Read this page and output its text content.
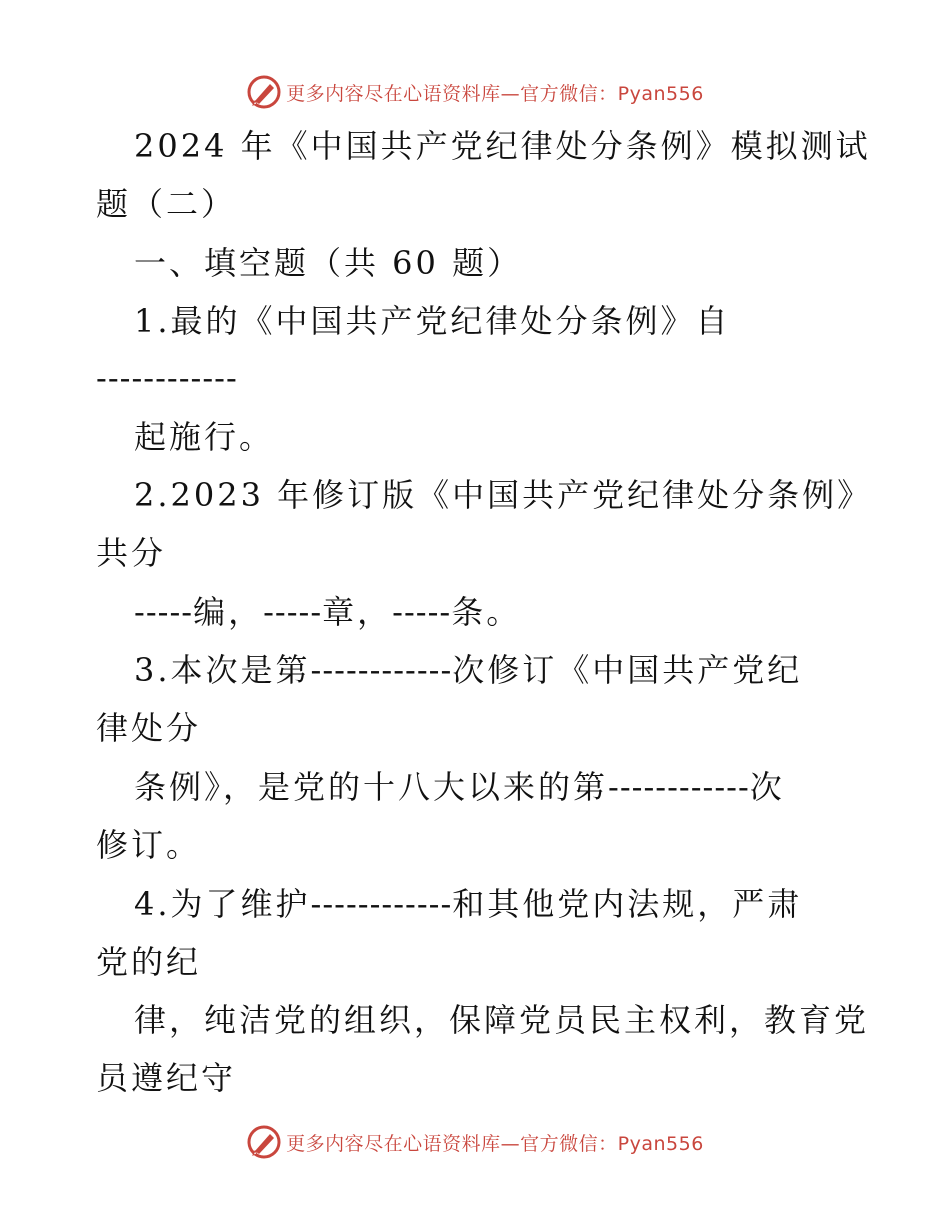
更多内容尽在心语资料库—官方微信：Pyan556
2024 年《中国共产党纪律处分条例》模拟测试
题（二）
一、填空题（共 60 题）
1.最的《中国共产党纪律处分条例》自
------------
起施行。
2.2023 年修订版《中国共产党纪律处分条例》
共分
-----编，-----章，-----条。
3.本次是第------------次修订《中国共产党纪
律处分
条例》，是党的十八大以来的第------------次
修订。
4.为了维护------------和其他党内法规，严肃
党的纪
律，纯洁党的组织，保障党员民主权利，教育党
员遵纪守
更多内容尽在心语资料库—官方微信：Pyan556
